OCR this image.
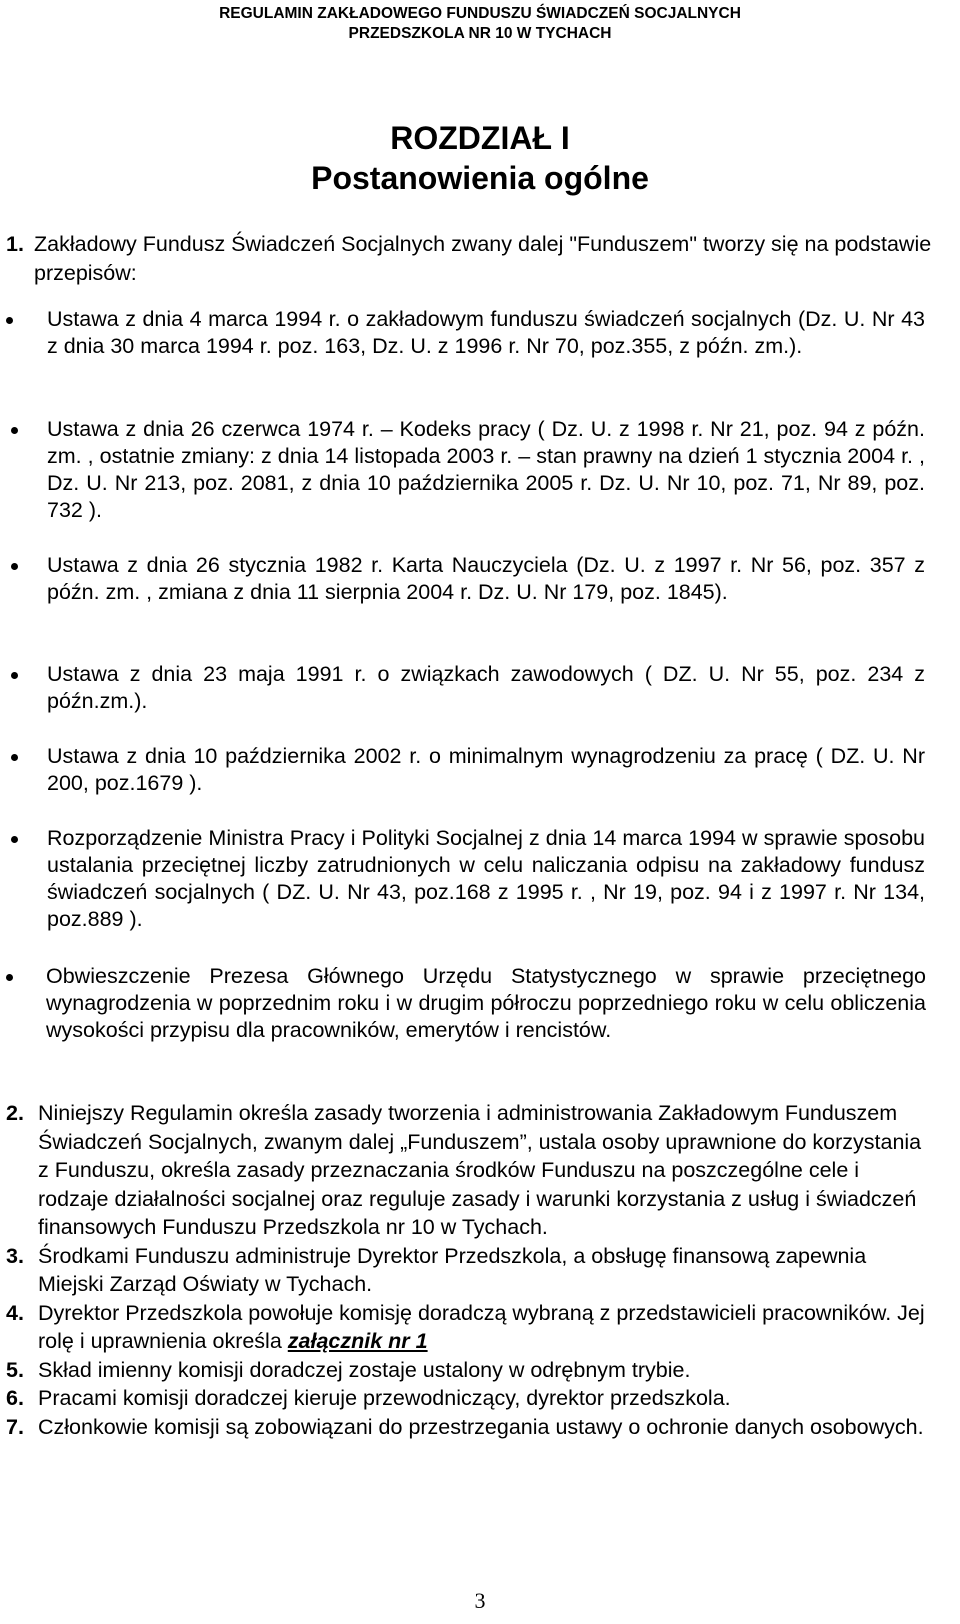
REGULAMIN ZAKŁADOWEGO FUNDUSZU ŚWIADCZEŃ SOCJALNYCH
PRZEDSZKOLA NR 10 W TYCHACH
ROZDZIAŁ I
Postanowienia ogólne
1. Zakładowy Fundusz Świadczeń Socjalnych zwany dalej "Funduszem" tworzy się na podstawie przepisów:
Ustawa z dnia 4 marca 1994 r. o zakładowym funduszu świadczeń socjalnych (Dz. U. Nr 43 z dnia 30 marca 1994 r. poz. 163, Dz. U. z 1996 r. Nr 70, poz.355, z późn. zm.).
Ustawa z dnia 26 czerwca 1974 r. – Kodeks pracy ( Dz. U. z 1998 r. Nr 21, poz. 94 z późn. zm. , ostatnie zmiany: z dnia 14 listopada 2003 r. – stan prawny na dzień 1 stycznia 2004 r. , Dz. U. Nr 213, poz. 2081, z dnia 10 października 2005 r. Dz. U. Nr 10, poz. 71, Nr 89, poz. 732 ).
Ustawa z dnia 26 stycznia 1982 r. Karta Nauczyciela (Dz. U. z 1997 r. Nr 56, poz. 357 z późn. zm. , zmiana z dnia 11 sierpnia 2004 r. Dz. U. Nr 179, poz. 1845).
Ustawa z dnia 23 maja 1991 r. o związkach zawodowych ( DZ. U. Nr 55, poz. 234 z późn.zm.).
Ustawa z dnia 10 października 2002 r. o minimalnym wynagrodzeniu za pracę ( DZ. U. Nr 200, poz.1679 ).
Rozporządzenie Ministra Pracy i Polityki Socjalnej z dnia 14 marca 1994 w sprawie sposobu ustalania przeciętnej liczby zatrudnionych w celu naliczania odpisu na zakładowy fundusz świadczeń socjalnych ( DZ. U. Nr 43, poz.168 z 1995 r. , Nr 19, poz. 94 i z 1997 r. Nr 134, poz.889 ).
Obwieszczenie Prezesa Głównego Urzędu Statystycznego w sprawie przeciętnego wynagrodzenia w poprzednim roku i w drugim półroczu poprzedniego roku w celu obliczenia wysokości przypisu dla pracowników, emerytów i rencistów.
2. Niniejszy Regulamin określa zasady tworzenia i administrowania Zakładowym Funduszem Świadczeń Socjalnych, zwanym dalej „Funduszem”, ustala osoby uprawnione do korzystania z Funduszu, określa zasady przeznaczania środków Funduszu na poszczególne cele i rodzaje działalności socjalnej oraz reguluje zasady i warunki korzystania z usług i świadczeń finansowych Funduszu Przedszkola nr 10 w Tychach.
3. Środkami Funduszu administruje Dyrektor Przedszkola, a obsługę finansową zapewnia Miejski Zarząd Oświaty w Tychach.
4. Dyrektor Przedszkola powołuje komisję doradczą wybraną z przedstawicieli pracowników. Jej rolę i uprawnienia określa załącznik nr 1
5. Skład imienny komisji doradczej zostaje ustalony w odrębnym trybie.
6. Pracami komisji doradczej kieruje przewodniczący, dyrektor przedszkola.
7. Członkowie komisji są zobowiązani do przestrzegania ustawy o ochronie danych osobowych.
3
